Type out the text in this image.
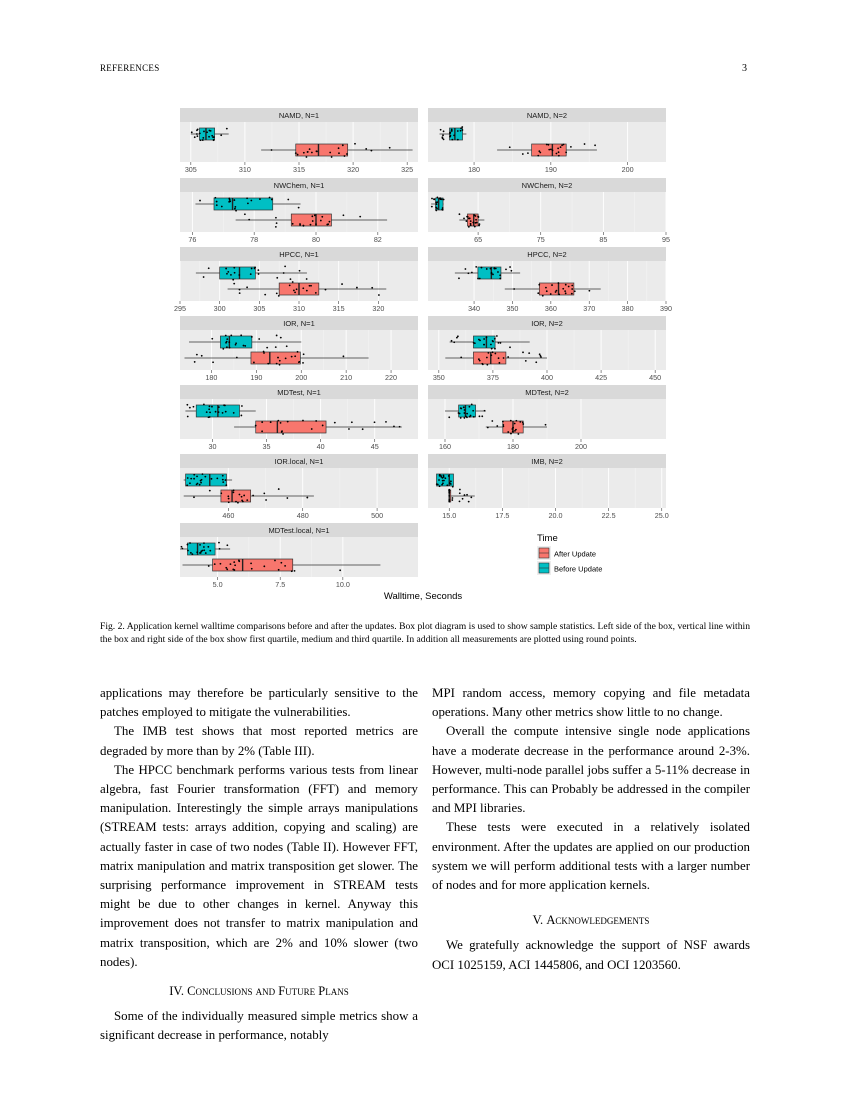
REFERENCES	3
NAMD, N=1
305	310	315	320	325
NAMD, N=2
180	190	200
NWChem, N=1
76	78	80	82
NWChem, N=2
65	75	85	95
HPCC, N=1
295	300	305	310	315	320
HPCC, N=2
340	350	360	370	380	390
IOR, N=1
180	190	200	210	220
IOR, N=2
350	375	400	425	450
MDTest, N=1
30	35	40	45
MDTest, N=2
160	180	200
IOR.local, N=1
460	480	500
IMB, N=2
15.0	17.5	20.0	22.5	25.0
MDTest.local, N=1
5.0	7.5	10.0
Walltime, Seconds
Time
After Update
Before Update
Fig. 2. Application kernel walltime comparisons before and after the updates. Box plot diagram is used to show sample statistics. Left side of the box, vertical line within the box and right side of the box show first quartile, medium and third quartile. In addition all measurements are plotted using round points.

applications may therefore be particularly sensitive to the patches employed to mitigate the vulnerabilities.

The IMB test shows that most reported metrics are degraded by more than by 2% (Table III).

The HPCC benchmark performs various tests from linear algebra, fast Fourier transformation (FFT) and memory manipulation. Interestingly the simple arrays manipulations (STREAM tests: arrays addition, copying and scaling) are actually faster in case of two nodes (Table II). However FFT, matrix manipulation and matrix transposition get slower. The surprising performance improvement in STREAM tests might be due to other changes in kernel. Anyway this improvement does not transfer to matrix manipulation and matrix transposition, which are 2% and 10% slower (two nodes).

IV. Conclusions and Future Plans

Some of the individually measured simple metrics show a significant decrease in performance, notably

MPI random access, memory copying and file metadata operations. Many other metrics show little to no change.

Overall the compute intensive single node applications have a moderate decrease in the performance around 2-3%. However, multi-node parallel jobs suffer a 5-11% decrease in performance. This can Probably be addressed in the compiler and MPI libraries.

These tests were executed in a relatively isolated environment. After the updates are applied on our production system we will perform additional tests with a larger number of nodes and for more application kernels.

V. Acknowledgements

We gratefully acknowledge the support of NSF awards OCI 1025159, ACI 1445806, and OCI 1203560.
